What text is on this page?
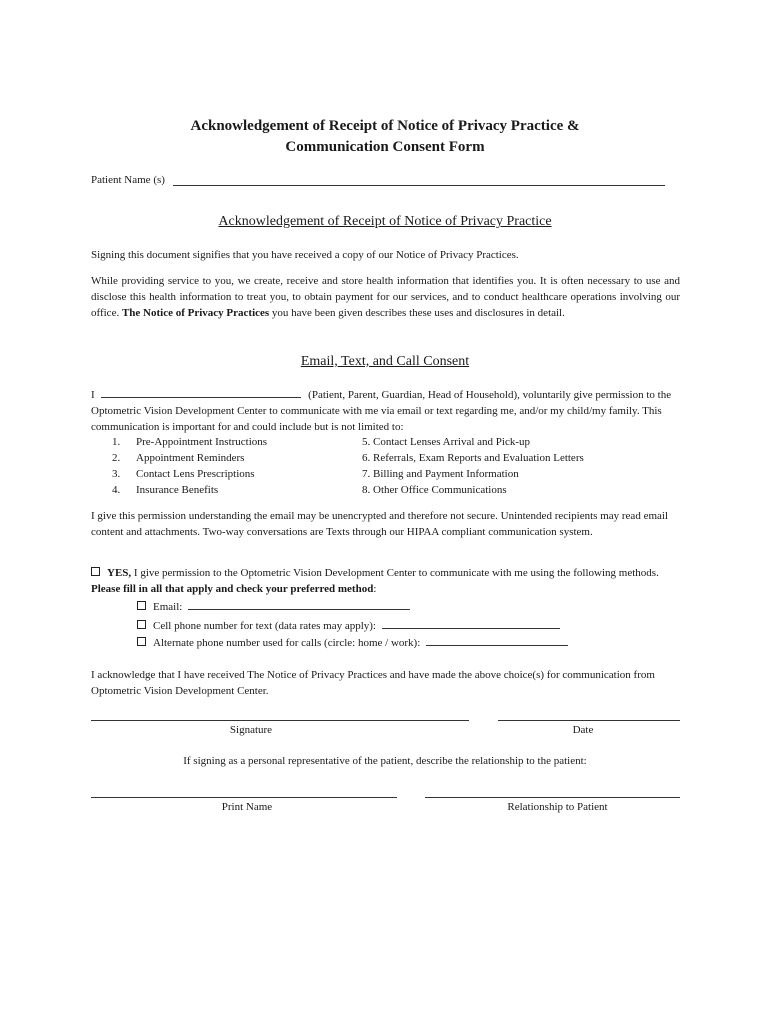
Acknowledgement of Receipt of Notice of Privacy Practice &
Communication Consent Form
Patient Name (s)
Acknowledgement of Receipt of Notice of Privacy Practice
Signing this document signifies that you have received a copy of our Notice of Privacy Practices.
While providing service to you, we create, receive and store health information that identifies you. It is often necessary to use and disclose this health information to treat you, to obtain payment for our services, and to conduct healthcare operations involving our office. The Notice of Privacy Practices you have been given describes these uses and disclosures in detail.
Email, Text, and Call Consent
I	(Patient, Parent, Guardian, Head of Household), voluntarily give permission to the Optometric Vision Development Center to communicate with me via email or text regarding me, and/or my child/my family. This communication is important for and could include but is not limited to:
1. Pre-Appointment Instructions
2. Appointment Reminders
3. Contact Lens Prescriptions
4. Insurance Benefits
5. Contact Lenses Arrival and Pick-up
6. Referrals, Exam Reports and Evaluation Letters
7. Billing and Payment Information
8. Other Office Communications
I give this permission understanding the email may be unencrypted and therefore not secure. Unintended recipients may read email content and attachments. Two-way conversations are Texts through our HIPAA compliant communication system.
YES, I give permission to the Optometric Vision Development Center to communicate with me using the following methods. Please fill in all that apply and check your preferred method:
Email:
Cell phone number for text (data rates may apply):
Alternate phone number used for calls (circle: home / work):
I acknowledge that I have received The Notice of Privacy Practices and have made the above choice(s) for communication from Optometric Vision Development Center.
Signature	Date
If signing as a personal representative of the patient, describe the relationship to the patient:
Print Name	Relationship to Patient
